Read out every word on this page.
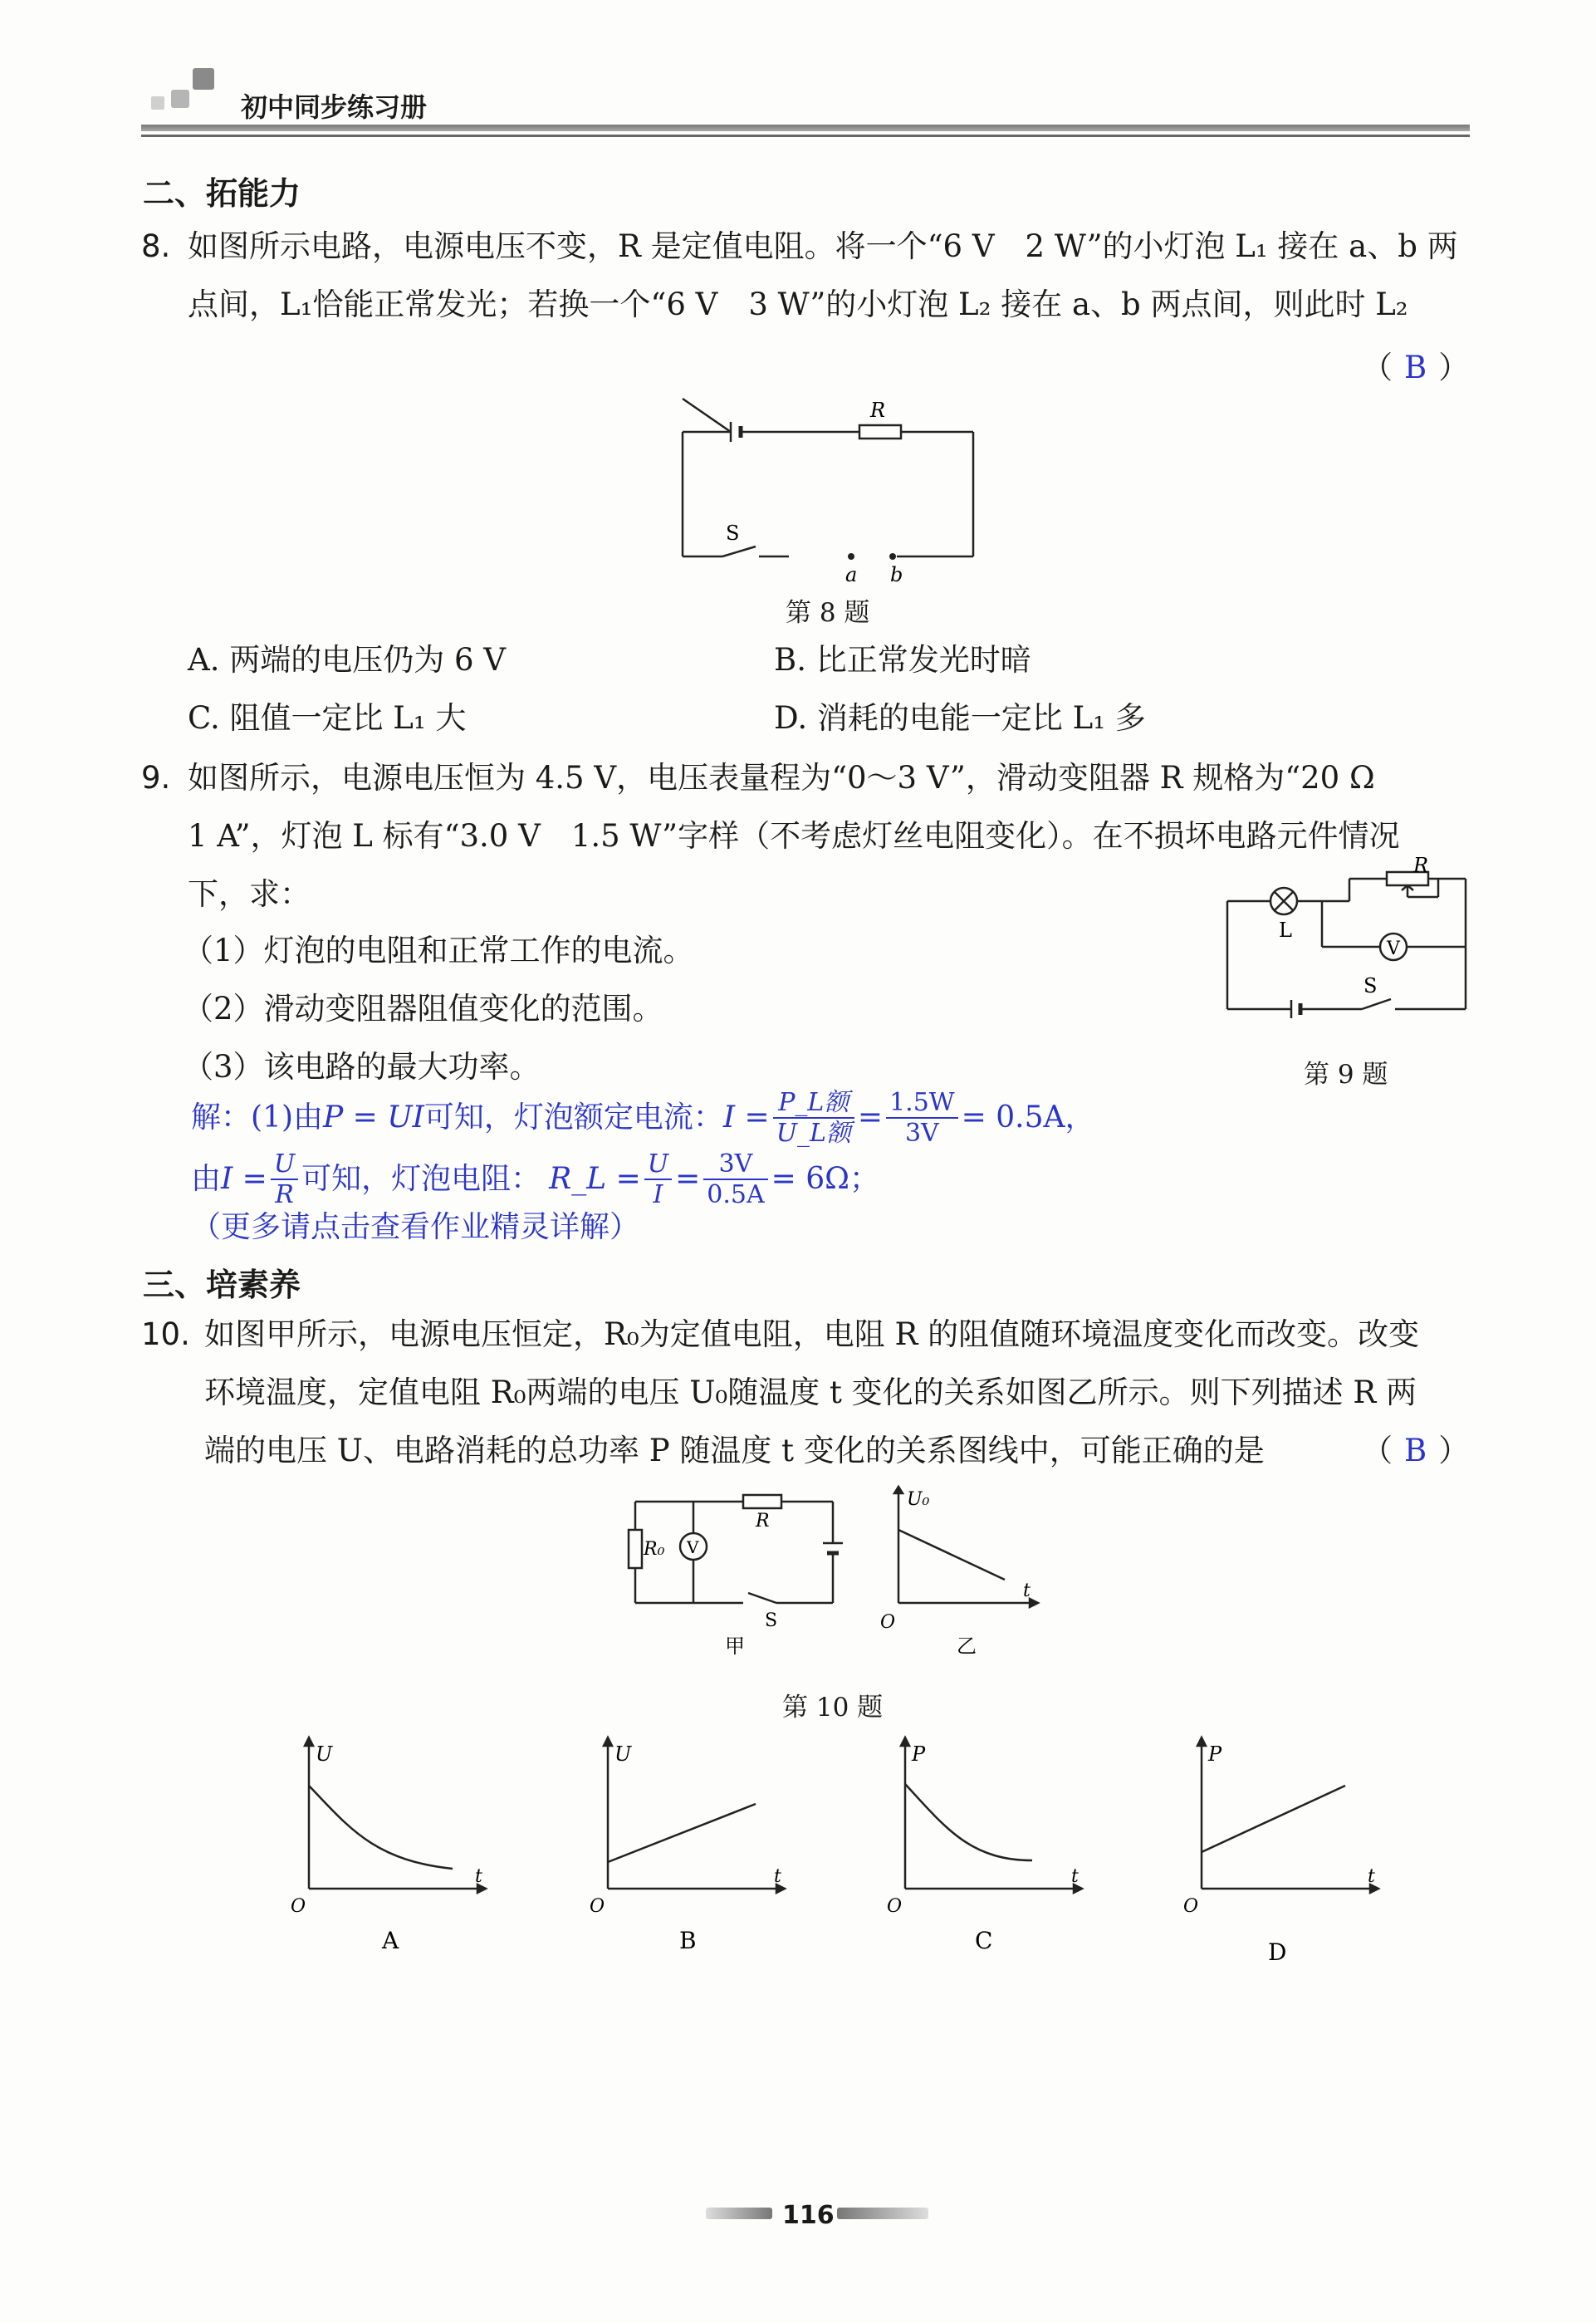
初中同步练习册
二、拓能力
8. 如图所示电路，电源电压不变，R 是定值电阻。将一个“6 V　2 W”的小灯泡 L₁ 接在 a、b 两
点间，L₁恰能正常发光；若换一个“6 V　3 W”的小灯泡 L₂ 接在 a、b 两点间，则此时 L₂
（ B ）
R
S
a b
第 8 题
A. 两端的电压仍为 6 V	B. 比正常发光时暗
C. 阻值一定比 L₁ 大	D. 消耗的电能一定比 L₁ 多
9. 如图所示，电源电压恒为 4.5 V，电压表量程为“0～3 V”，滑动变阻器 R 规格为“20 Ω
1 A”，灯泡 L 标有“3.0 V　1.5 W”字样（不考虑灯丝电阻变化）。在不损坏电路元件情况
下，求：
（1）灯泡的电阻和正常工作的电流。
（2）滑动变阻器阻值变化的范围。
（3）该电路的最大功率。
L
R
V
S
第 9 题
解：(1)由 P = UI 可知，灯泡额定电流： $I = \frac{\text{P\_L额}}{\text{U\_L额}} = \frac{1.5W}{3V} = 0.5A$，
由 $I = \frac{U}{R}$ 可知，灯泡电阻： R_L = $\frac{U}{I} = \frac{3V}{0.5A} = 6\Omega$；
（更多请点击查看作业精灵详解）
三、培素养
10. 如图甲所示，电源电压恒定，R₀为定值电阻，电阻 R 的阻值随环境温度变化而改变。改变
环境温度，定值电阻 R₀两端的电压 U₀随温度 t 变化的关系如图乙所示。则下列描述 R 两
端的电压 U、电路消耗的总功率 P 随温度 t 变化的关系图线中，可能正确的是	（ B ）
R₀ V
R
S
甲
U₀
t
O
乙
第 10 题
U
t
O
A
U
t
O
B
P
t
O
C
P
t
O
D
116
